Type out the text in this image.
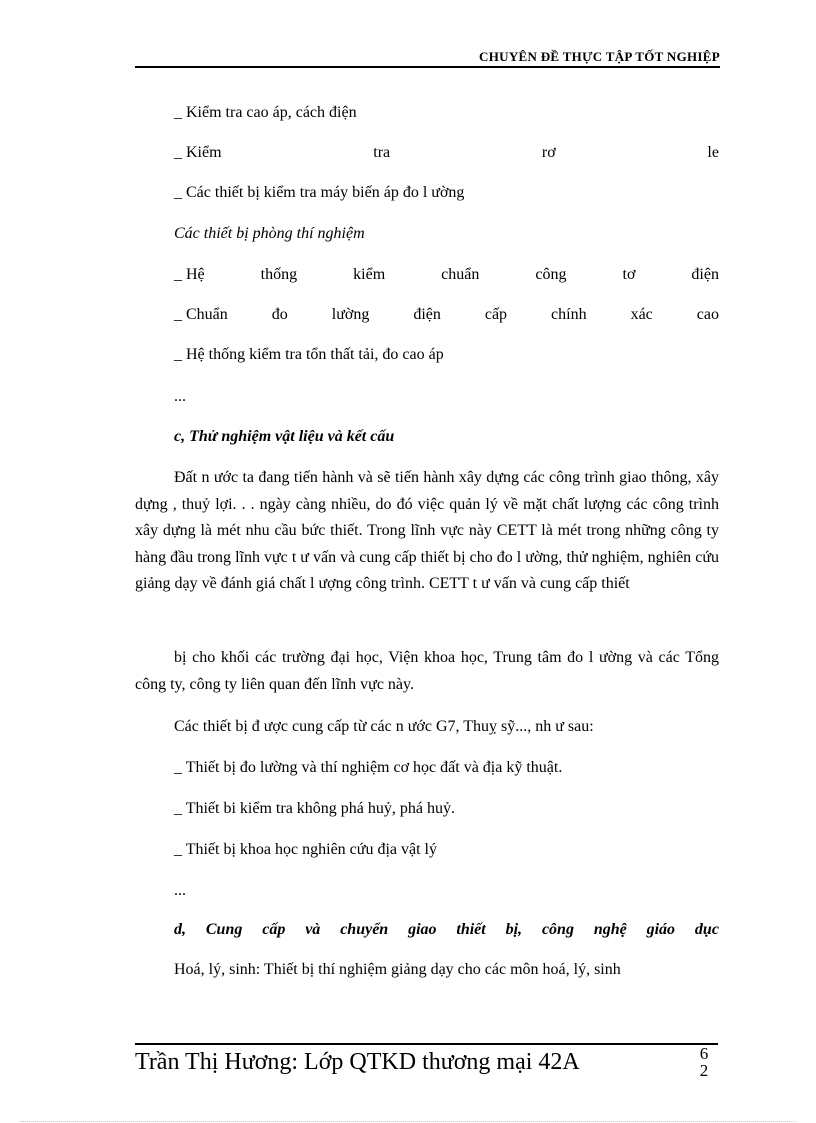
CHUYÊN ĐỀ THỰC TẬP TỐT NGHIỆP
_ Kiểm tra cao áp, cách điện
_ Kiểm	tra	rơ	le
_ Các thiết bị kiểm tra máy biến áp đo l ường
Các thiết bị phòng thí nghiệm
_ Hệ	thống	kiểm	chuẩn	công	tơ	điện
_ Chuẩn	đo	lường	điện	cấp	chính	xác	cao
_ Hệ thống kiểm tra tổn thất tải, đo cao áp
...
c, Thử nghiệm vật liệu và kết cấu
Đất n ước ta đang tiến hành và sẽ tiến hành xây dựng các công trình giao thông, xây dựng , thuỷ lợi. . . ngày càng nhiều, do đó việc quản lý về mặt chất lượng các công trình xây dựng là mét nhu cầu bức thiết. Trong lĩnh vực này CETT là mét trong những công ty hàng đầu trong lĩnh vực t ư vấn và cung cấp thiết bị cho đo l ường, thử nghiệm, nghiên cứu giảng dạy về đánh giá chất l ượng công trình. CETT t ư vấn và cung cấp thiết
bị cho khối các trường đại học, Viện khoa học, Trung tâm đo l ường và các Tổng công ty, công ty liên quan đến lĩnh vực này.
Các thiết bị đ ược cung cấp từ các n ước G7, Thuỵ sỹ..., nh ư sau:
_ Thiết bị đo lường và thí nghiệm cơ học đất và địa kỹ thuật.
_ Thiết bi kiểm tra không phá huỷ, phá huỷ.
_ Thiết bị khoa học nghiên cứu địa vật lý
...
d, Cung cấp và chuyển giao thiết bị, công nghệ giáo dục
Hoá, lý, sinh: Thiết bị thí nghiệm giảng dạy cho các môn hoá, lý, sinh
Trần Thị Hương: Lớp QTKD thương mại 42A	6
2
